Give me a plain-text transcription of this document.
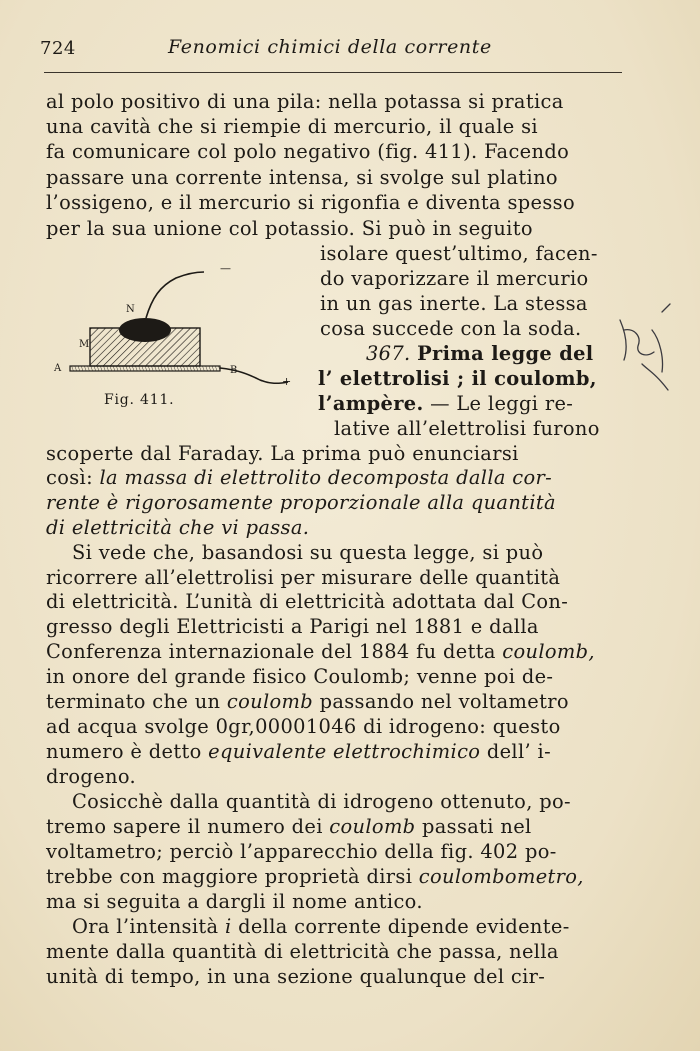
724	Fenomici chimici della corrente
al polo positivo di una pila: nella potassa si pratica
una cavità che si riempie di mercurio, il quale si
fa comunicare col polo negativo (fig. 411). Facendo
passare una corrente intensa, si svolge sul platino
l’ossigeno, e il mercurio si rigonfia e diventa spesso
per la sua unione col potassio. Si può in seguito
isolare quest’ultimo, facen-
do vaporizzare il mercurio
in un gas inerte. La stessa
cosa succede con la soda.
367. Prima legge del
l’ elettrolisi ; il coulomb,
l’ampère. — Le leggi re-
lative all’elettrolisi furono
scoperte dal Faraday. La prima può enunciarsi
così: la massa di elettrolito decomposta dalla cor-
rente è rigorosamente proporzionale alla quantità
di elettricità che vi passa.
Si vede che, basandosi su questa legge, si può
ricorrere all’elettrolisi per misurare delle quantità
di elettricità. L’unità di elettricità adottata dal Con-
gresso degli Elettricisti a Parigi nel 1881 e dalla
Conferenza internazionale del 1884 fu detta coulomb,
in onore del grande fisico Coulomb; venne poi de-
terminato che un coulomb passando nel voltametro
ad acqua svolge 0gr,00001046 di idrogeno: questo
numero è detto equivalente elettrochimico dell’ i-
drogeno.
Cosicchè dalla quantità di idrogeno ottenuto, po-
tremo sapere il numero dei coulomb passati nel
voltametro; perciò l’apparecchio della fig. 402 po-
trebbe con maggiore proprietà dirsi coulombometro,
ma si seguita a dargli il nome antico.
Ora l’intensità i della corrente dipende evidente-
mente dalla quantità di elettricità che passa, nella
unità di tempo, in una sezione qualunque del cir-
N
M
A	B
+
—
Fig. 411.
